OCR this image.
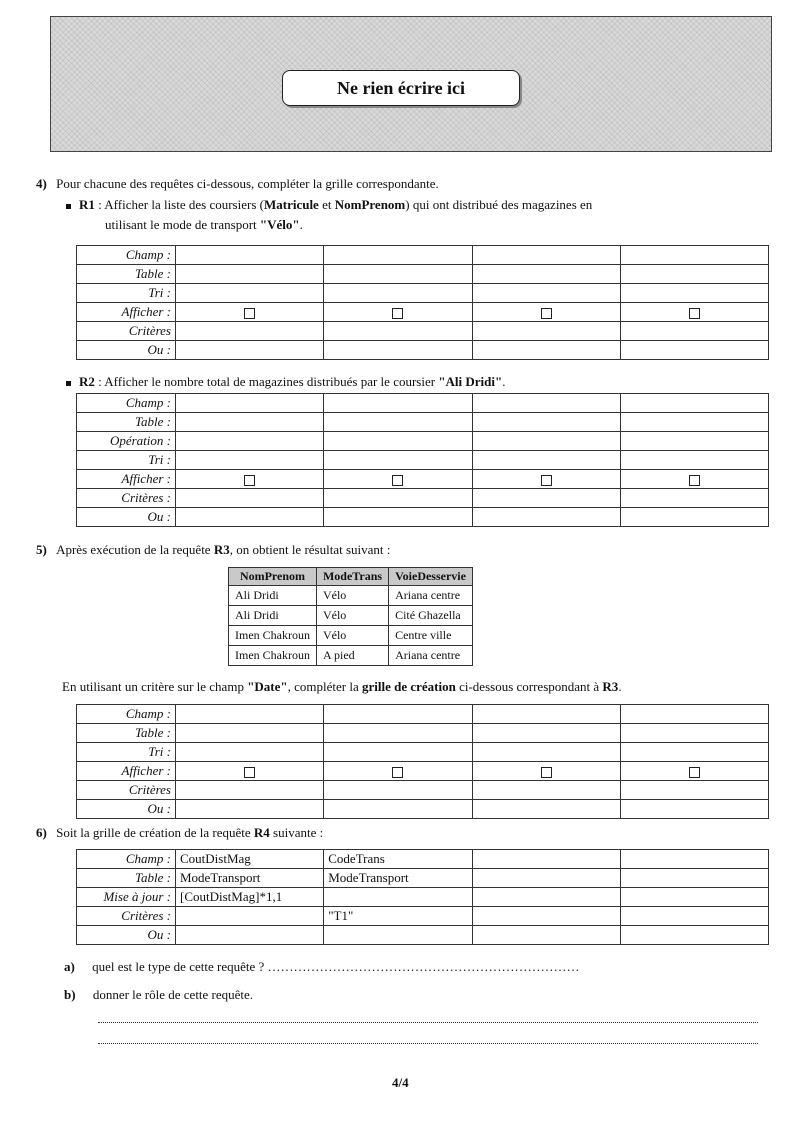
Ne rien écrire ici
4) Pour chacune des requêtes ci-dessous, compléter la grille correspondante.
R1 : Afficher la liste des coursiers (Matricule et NomPrenom) qui ont distribué des magazines en
utilisant le mode de transport "Vélo".
Champ :				
Table :				
Tri :				
Afficher :				
Critères				
Ou :				
R2 : Afficher le nombre total de magazines distribués par le coursier "Ali Dridi".
Champ :				
Table :				
Opération :				
Tri :				
Afficher :				
Critères :				
Ou :				
5) Après exécution de la requête R3, on obtient le résultat suivant :
NomPrenom	ModeTrans	VoieDesservie
Ali Dridi	Vélo	Ariana centre
Ali Dridi	Vélo	Cité Ghazella
Imen Chakroun	Vélo	Centre ville
Imen Chakroun	A pied	Ariana centre
En utilisant un critère sur le champ "Date", compléter la grille de création ci-dessous correspondant à R3.
Champ :				
Table :				
Tri :				
Afficher :				
Critères				
Ou :				
6) Soit la grille de création de la requête R4 suivante :
Champ :	CoutDistMag	CodeTrans		
Table :	ModeTransport	ModeTransport		
Mise à jour :	[CoutDistMag]*1,1			
Critères :		"T1"		
Ou :				
a) quel est le type de cette requête ? ………………………………………………………………
b) donner le rôle de cette requête.
4/4
